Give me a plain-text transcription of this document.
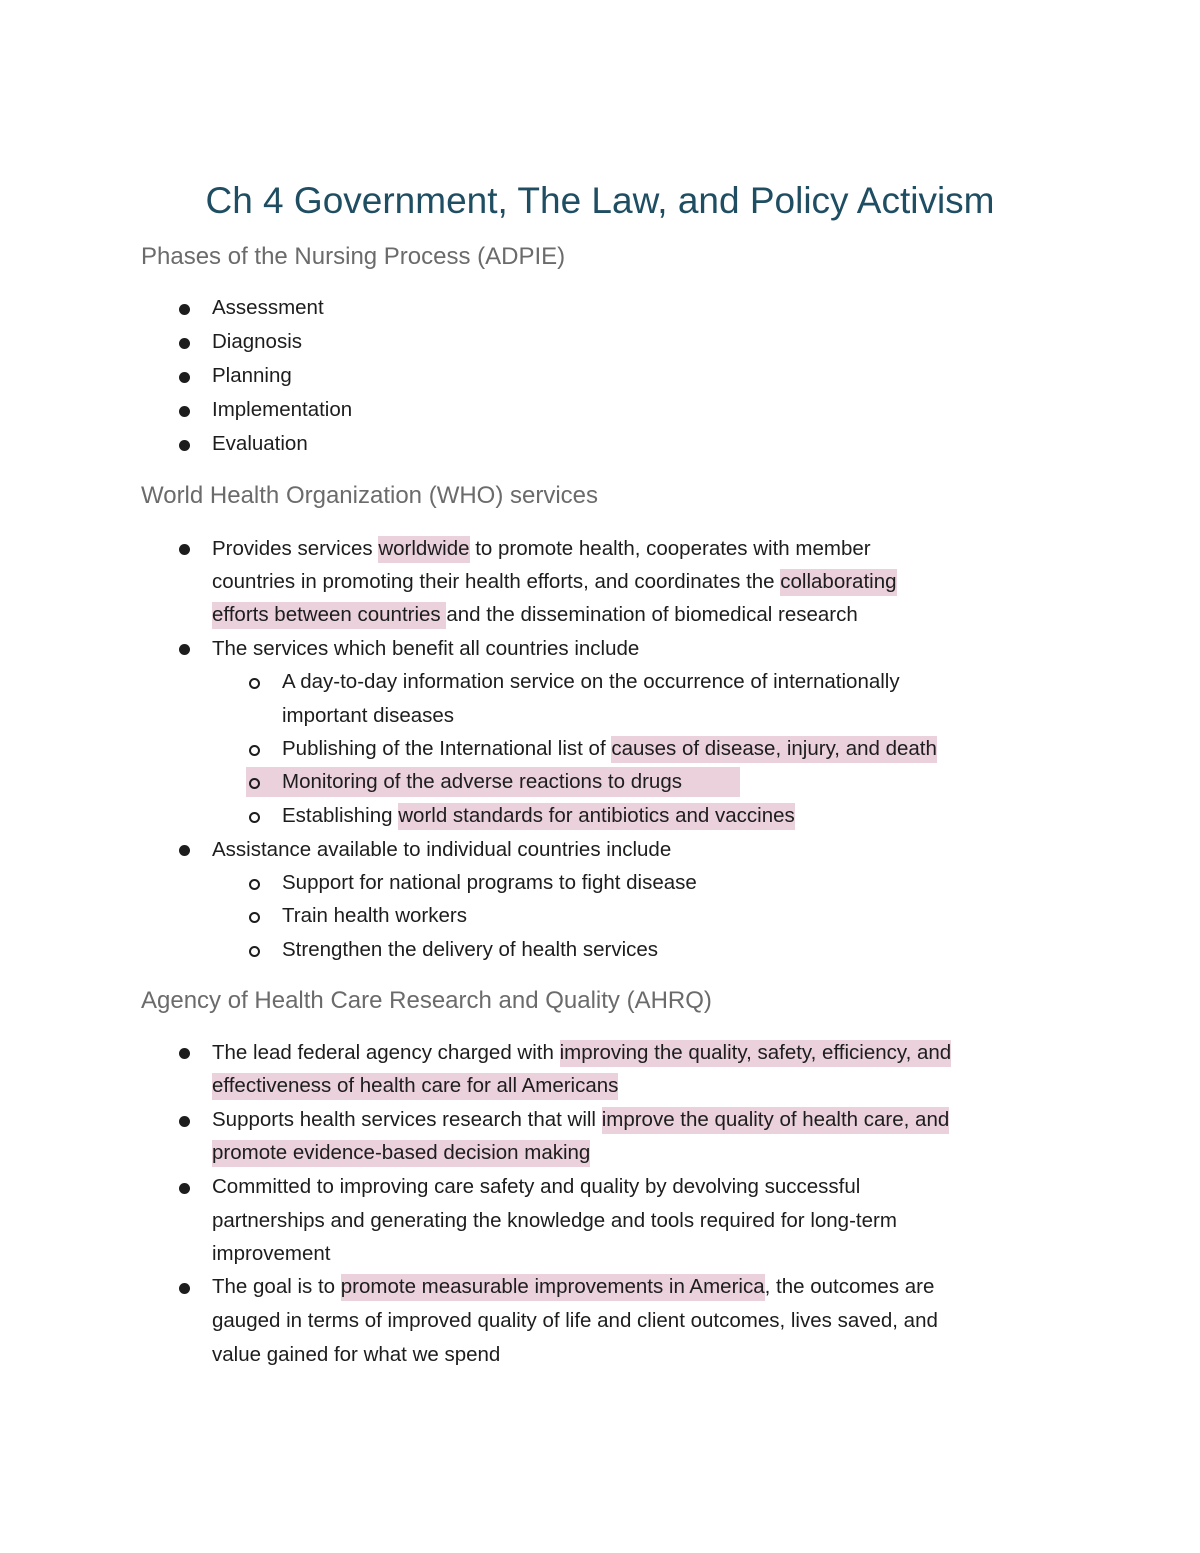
Ch 4 Government, The Law, and Policy Activism
Phases of the Nursing Process (ADPIE)
Assessment
Diagnosis
Planning
Implementation
Evaluation
World Health Organization (WHO) services
Provides services worldwide to promote health, cooperates with member
countries in promoting their health efforts, and coordinates the collaborating
efforts between countries and the dissemination of biomedical research
The services which benefit all countries include
A day-to-day information service on the occurrence of internationally
important diseases
Publishing of the International list of causes of disease, injury, and death
Monitoring of the adverse reactions to drugs
Establishing world standards for antibiotics and vaccines
Assistance available to individual countries include
Support for national programs to fight disease
Train health workers
Strengthen the delivery of health services
Agency of Health Care Research and Quality (AHRQ)
The lead federal agency charged with improving the quality, safety, efficiency, and
effectiveness of health care for all Americans
Supports health services research that will improve the quality of health care, and
promote evidence-based decision making
Committed to improving care safety and quality by devolving successful
partnerships and generating the knowledge and tools required for long-term
improvement
The goal is to promote measurable improvements in America, the outcomes are
gauged in terms of improved quality of life and client outcomes, lives saved, and
value gained for what we spend
